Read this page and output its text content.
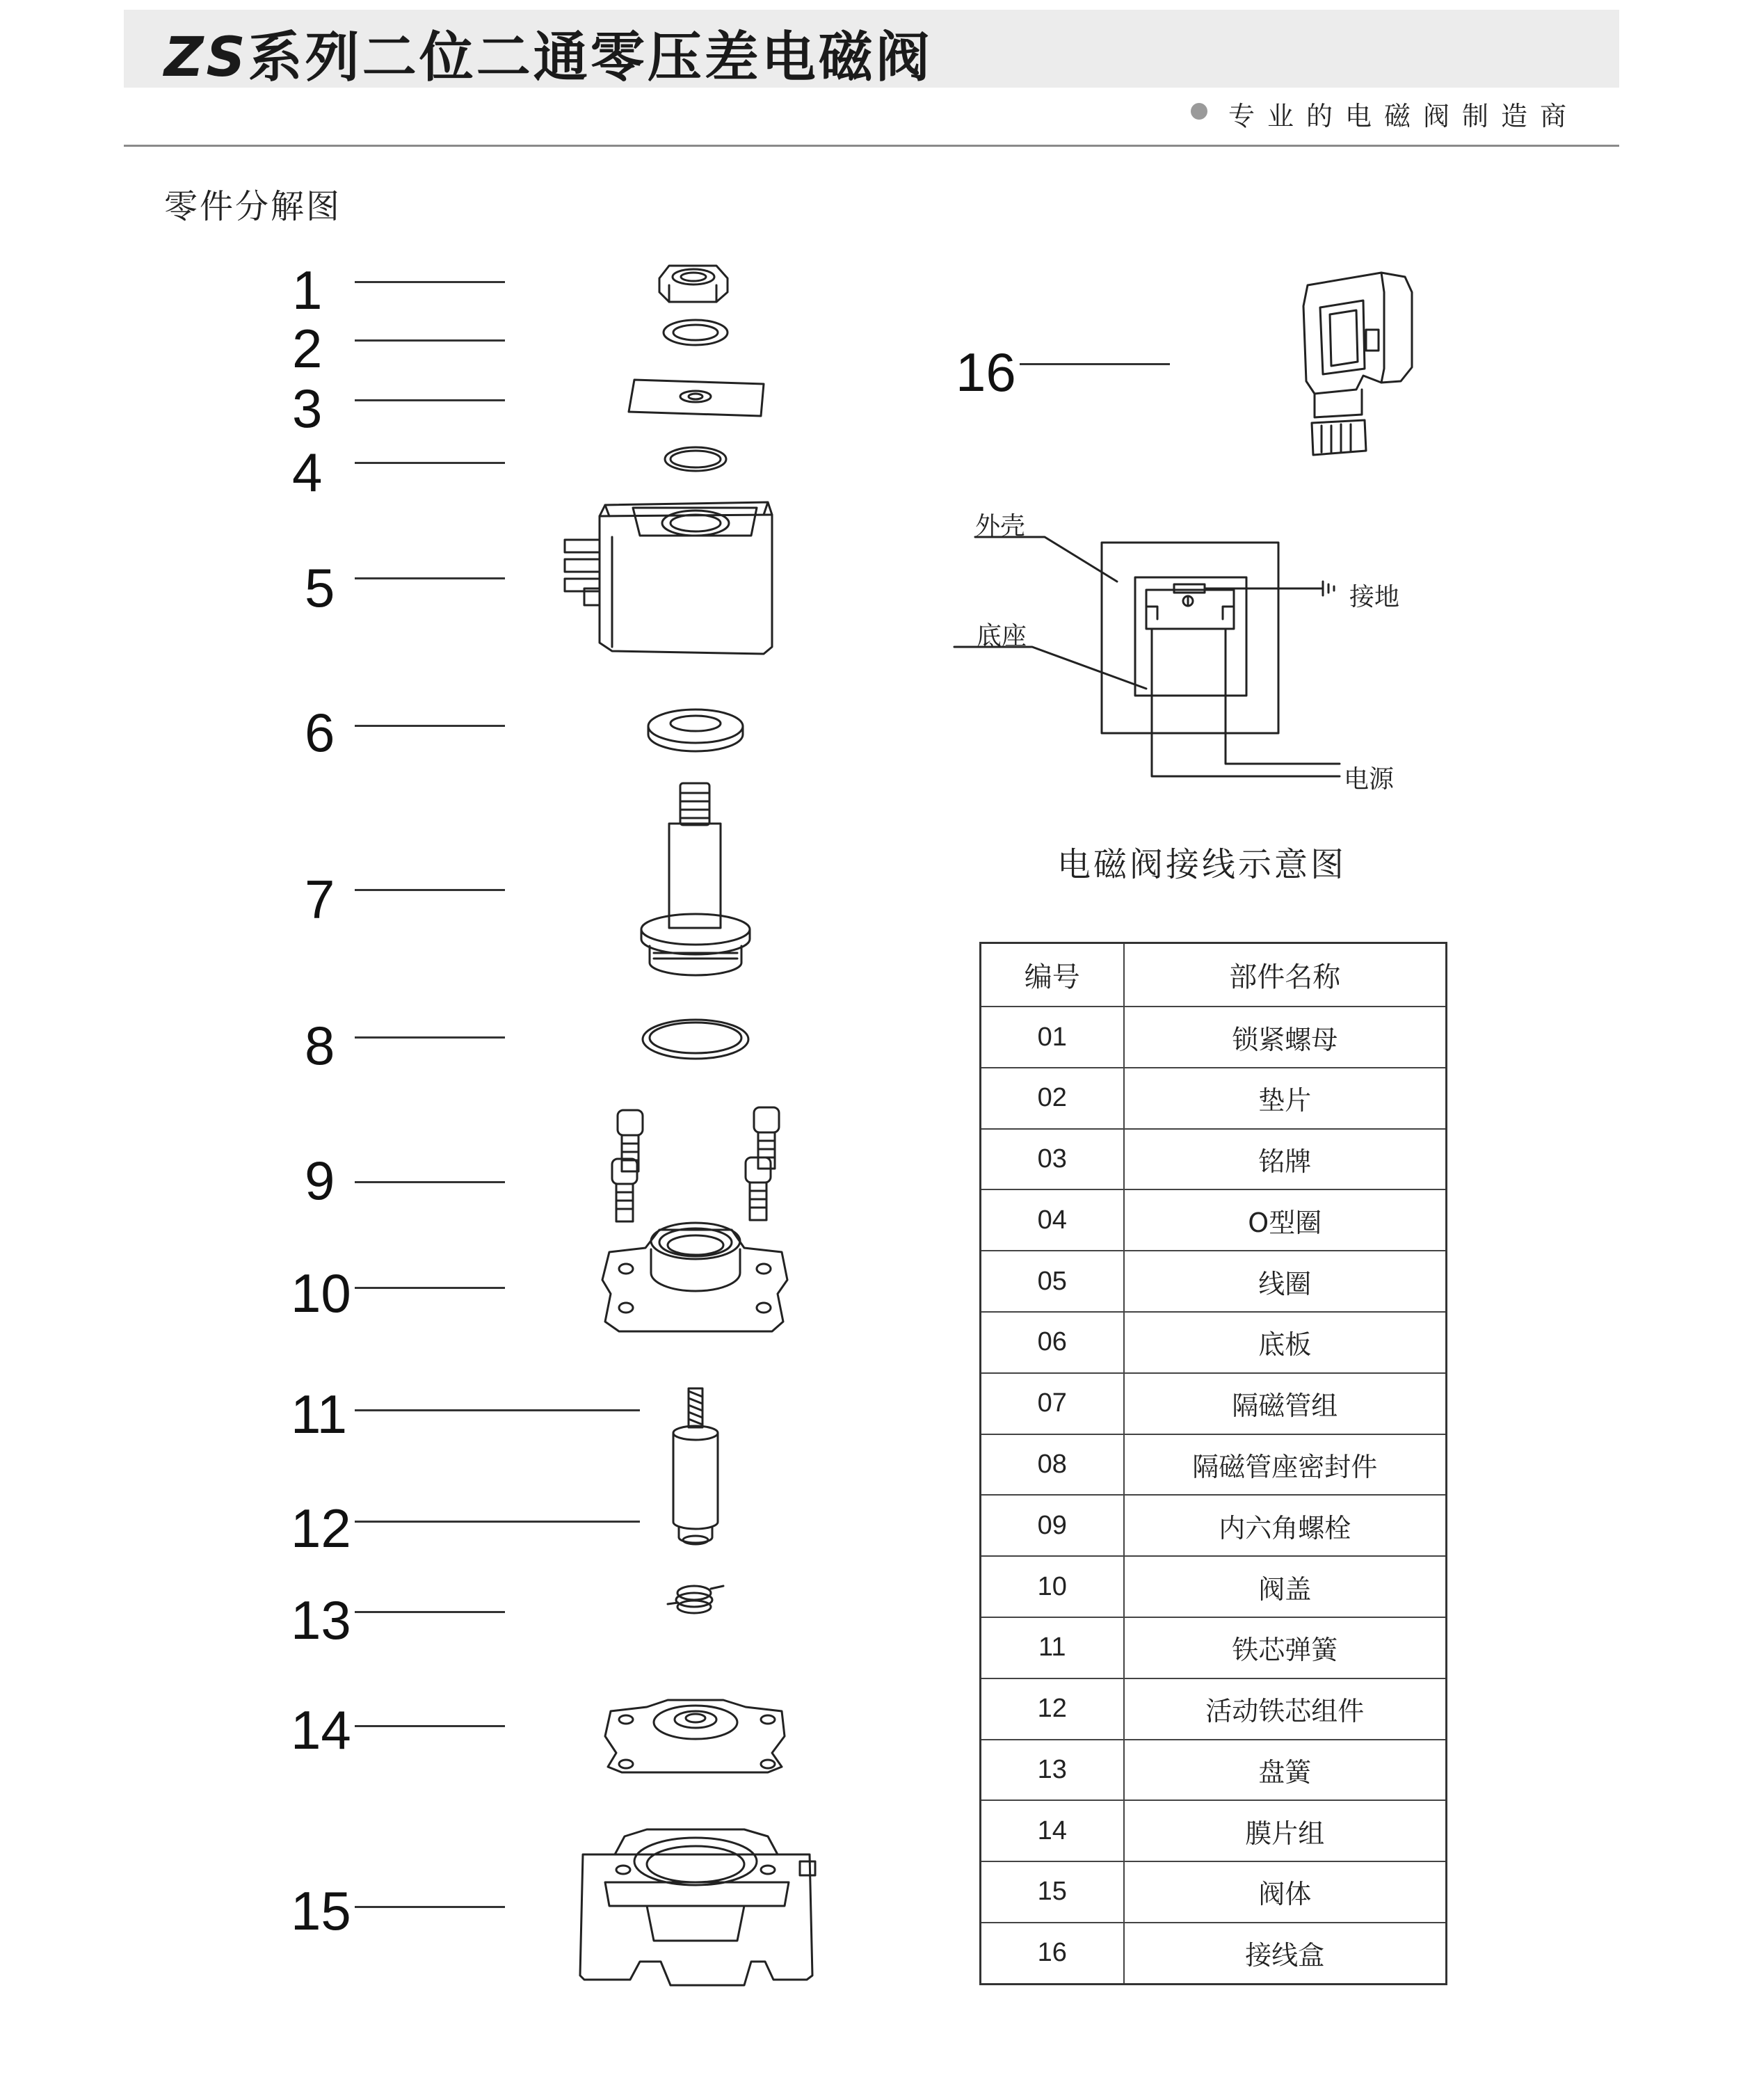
ZS系列二位二通零压差电磁阀
专业的电磁阀制造商
零件分解图
1
2
3
4
5
6
7
8
9
10
11
12
13
14
15
16
外壳
底座
接地
电源
电磁阀接线示意图
编号	部件名称
01	锁紧螺母
02	垫片
03	铭牌
04	O型圈
05	线圈
06	底板
07	隔磁管组
08	隔磁管座密封件
09	内六角螺栓
10	阀盖
11	铁芯弹簧
12	活动铁芯组件
13	盘簧
14	膜片组
15	阀体
16	接线盒
